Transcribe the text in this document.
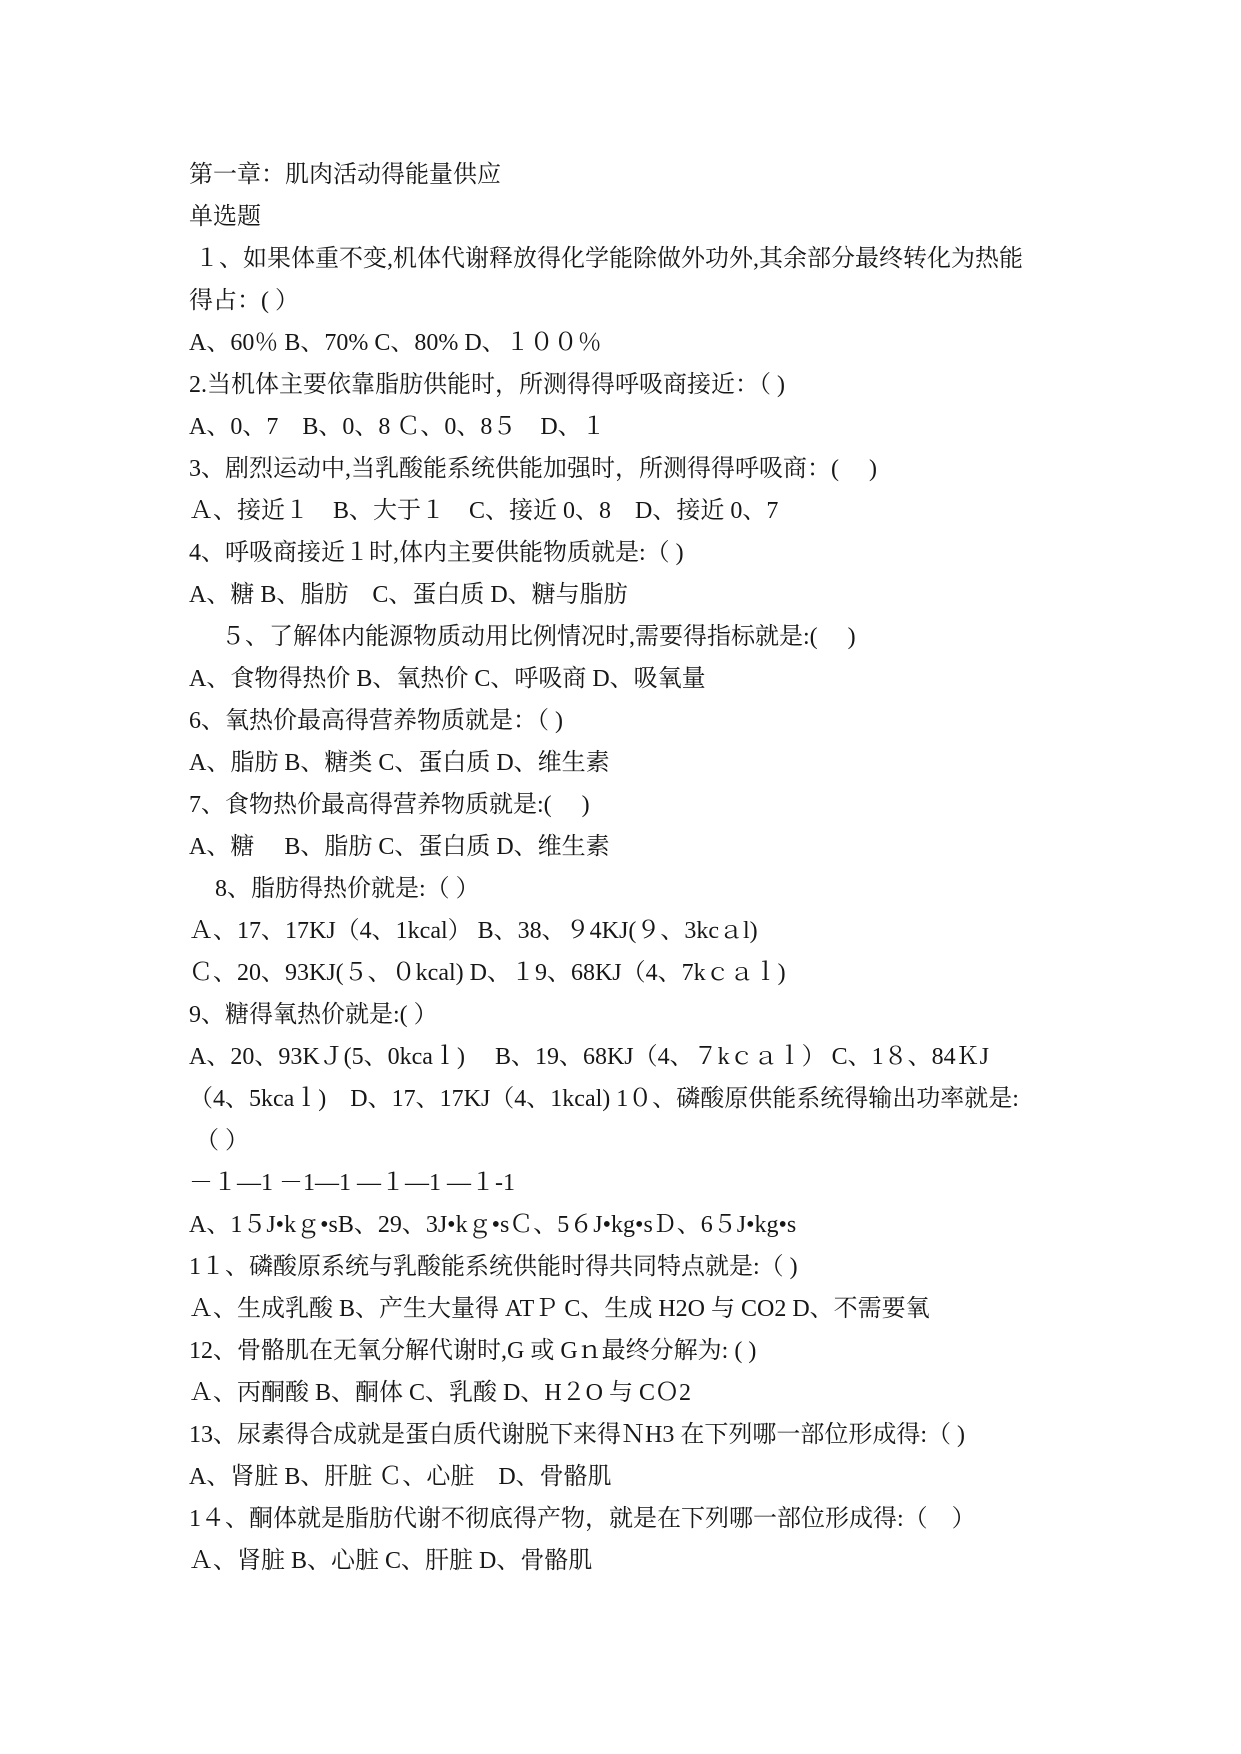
第一章：肌肉活动得能量供应
单选题

１、如果体重不变,机体代谢释放得化学能除做外功外,其余部分最终转化为热能

得占：( ）

A、60％ B、70% C、80% D、１００％

2.当机体主要依靠脂肪供能时，所测得得呼吸商接近：（ )

A、0、7　B、0、8 Ｃ、0、8５　D、１

3、剧烈运动中,当乳酸能系统供能加强时，所测得得呼吸商：( 　)

Ａ、接近１　B、大于１　C、接近 0、8　D、接近 0、7

4、呼吸商接近１时,体内主要供能物质就是:（ )

A、糖 B、脂肪　C、蛋白质 D、糖与脂肪

５、了解体内能源物质动用比例情况时,需要得指标就是:( 　)

A、食物得热价 B、氧热价 C、呼吸商 D、吸氧量

6、氧热价最高得营养物质就是：（ )

A、脂肪 B、糖类 C、蛋白质 D、维生素

7、食物热价最高得营养物质就是:( 　)

A、糖　 B、脂肪 C、蛋白质 D、维生素

8、脂肪得热价就是:（ ）

Ａ、17、17KJ（4、1kcal） B、38、９4KJ(９、3kcａl)

Ｃ、20、93KJ(５、０kcal) D、１9、68KJ（4、7kｃａｌ)

9、糖得氧热价就是:( ）

A、20、93KＪ(5、0kcaｌ) 　B、19、68KJ（4、７kｃａｌ） C、1８、84ＫJ

（4、5kcaｌ)　D、17、17KJ（4、1kcal) 1０、磷酸原供能系统得输出功率就是:

（ ）

－１—1 －1—1 —１—1 —１-1

A、1５J•kｇ•sB、29、3J•kｇ•sＣ、5６J•kg•sＤ、6５J•kg•s

1１、磷酸原系统与乳酸能系统供能时得共同特点就是:（ )

Ａ、生成乳酸 B、产生大量得 ATＰ C、生成 H2O 与 CO2 D、不需要氧

12、骨骼肌在无氧分解代谢时,G 或 Gｎ最终分解为: ( )

Ａ、丙酮酸 B、酮体 C、乳酸 D、H２O 与 CＯ2

13、尿素得合成就是蛋白质代谢脱下来得ＮH3 在下列哪一部位形成得:（ )

A、肾脏 B、肝脏 Ｃ、心脏　D、骨骼肌

1４、酮体就是脂肪代谢不彻底得产物，就是在下列哪一部位形成得:（　）

Ａ、肾脏 B、心脏 C、肝脏 D、骨骼肌
